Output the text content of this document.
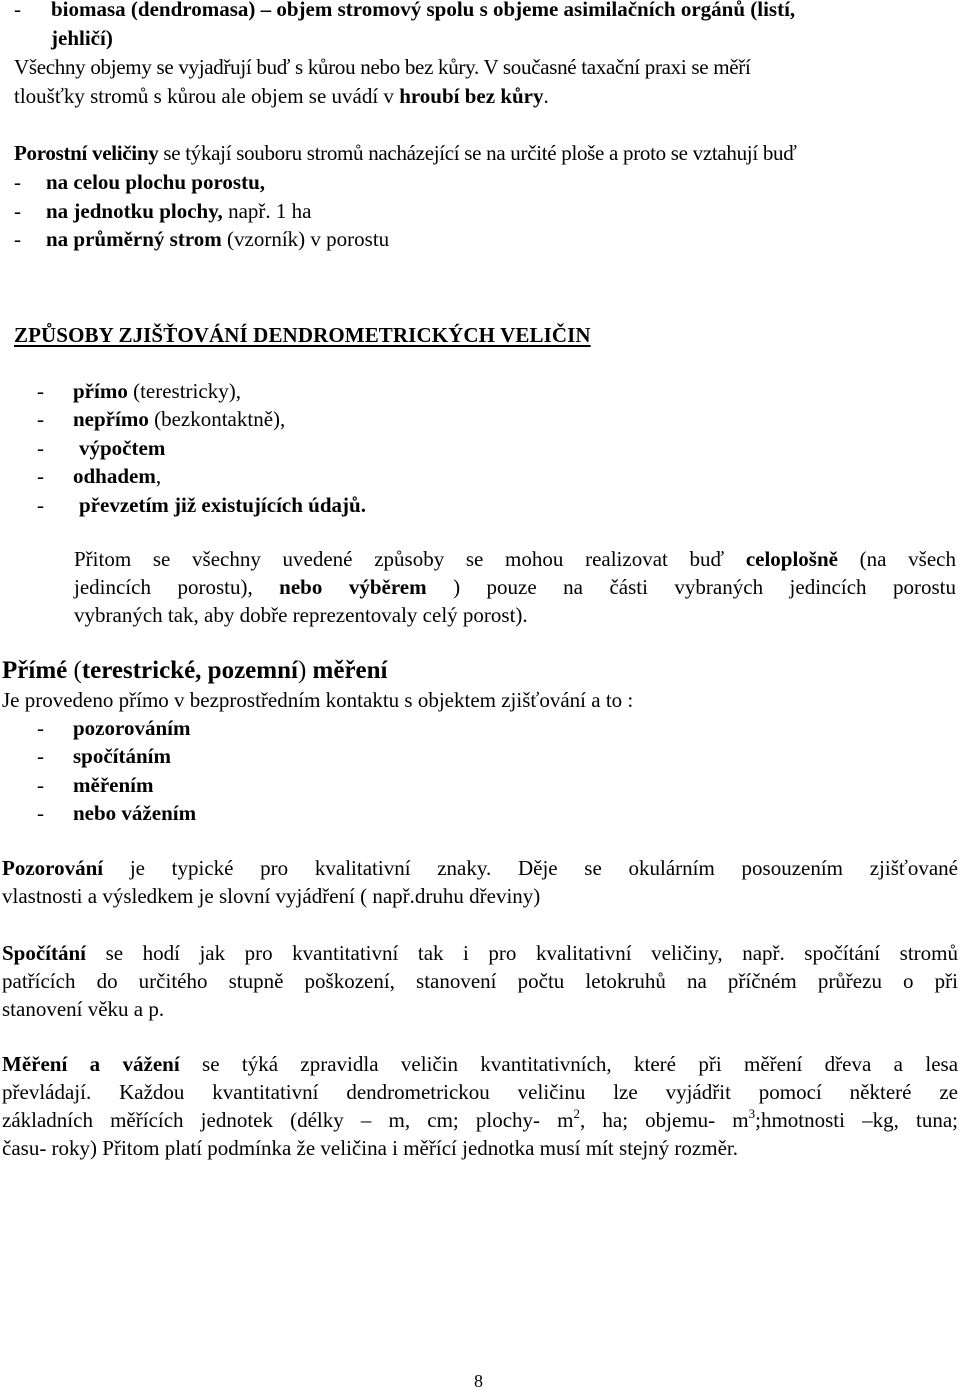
- biomasa (dendromasa) – objem stromový spolu s objeme asimilačních orgánů (listí,
jehličí)
Všechny objemy se vyjadřují buď s kůrou nebo bez kůry. V současné taxační praxi se měří
tloušťky stromů s kůrou ale objem se uvádí v hroubí bez kůry.
Porostní veličiny se týkají souboru stromů nacházející se na určité ploše a proto se vztahují buď
- na celou plochu porostu,
- na jednotku plochy, např. 1 ha
- na průměrný strom (vzorník) v porostu
ZPŮSOBY ZJIŠŤOVÁNÍ DENDROMETRICKÝCH VELIČIN
- přímo (terestricky),
- nepřímo (bezkontaktně),
- výpočtem
- odhadem,
- převzetím již existujících údajů.
Přitom se všechny uvedené způsoby se mohou realizovat buď celoplošně (na všech
jedincích porostu), nebo výběrem ) pouze na části vybraných jedincích porostu
vybraných tak, aby dobře reprezentovaly celý porost).
Přímé (terestrické, pozemní) měření
Je provedeno přímo v bezprostředním kontaktu s objektem zjišťování a to :
- pozorováním
- spočítáním
- měřením
- nebo vážením
Pozorování je typické pro kvalitativní znaky. Děje se okulárním posouzením zjišťované
vlastnosti a výsledkem je slovní vyjádření ( např.druhu dřeviny)
Spočítání se hodí jak pro kvantitativní tak i pro kvalitativní veličiny, např. spočítání stromů
patřících do určitého stupně poškození, stanovení počtu letokruhů na příčném průřezu o při
stanovení věku a p.
Měření a vážení se týká zpravidla veličin kvantitativních, které při měření dřeva a lesa
převládají. Každou kvantitativní dendrometrickou veličinu lze vyjádřit pomocí některé ze
základních měřících jednotek (délky – m, cm; plochy- $m^2$, ha; objemu- $m^3;hmotnosti$ –kg, tuna;
času- roky) Přitom platí podmínka že veličina i měřící jednotka musí mít stejný rozměr.
8
